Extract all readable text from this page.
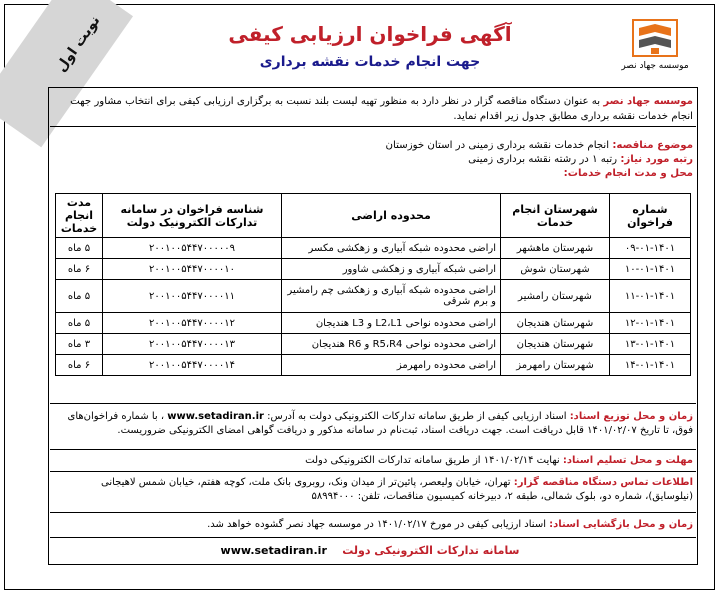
نوبت اول	موسسه جهاد نصر
آگهی فراخوان ارزیابی کیفی
جهت انجام خدمات نقشه برداری
موسسه جهاد نصر به عنوان دستگاه مناقصه گزار در نظر دارد به منظور تهیه لیست بلند نسبت به برگزاری ارزیابی کیفی برای انتخاب مشاور جهت انجام خدمات نقشه برداری مطابق جدول زیر اقدام نماید.
موضوع مناقصه: انجام خدمات نقشه برداری زمینی در استان خوزستان
رتبه مورد نیاز: رتبه ۱ در رشته نقشه برداری زمینی
محل و مدت انجام خدمات:
شماره فراخوان	شهرستان انجام خدمات	محدوده اراضی	شناسه فراخوان در سامانه تدارکات الکترونیک دولت	مدت انجام خدمات
۰۹-۰۱-۱۴۰۱	شهرستان ماهشهر	اراضی محدوده شبکه آبیاری و زهکشی مکسر	۲۰۰۱۰۰۵۴۴۷۰۰۰۰۰۹	۵ ماه
۱۰-۰۱-۱۴۰۱	شهرستان شوش	اراضی شبکه آبیاری و زهکشی شاوور	۲۰۰۱۰۰۵۴۴۷۰۰۰۰۱۰	۶ ماه
۱۱-۰۱-۱۴۰۱	شهرستان رامشیر	اراضی محدوده شبکه آبیاری و زهکشی چم رامشیر و برم شرقی	۲۰۰۱۰۰۵۴۴۷۰۰۰۰۱۱	۵ ماه
۱۲-۰۱-۱۴۰۱	شهرستان هندیجان	اراضی محدوده نواحی L2،L1 و L3 هندیجان	۲۰۰۱۰۰۵۴۴۷۰۰۰۰۱۲	۵ ماه
۱۳-۰۱-۱۴۰۱	شهرستان هندیجان	اراضی محدوده نواحی R5،R4 و R6 هندیجان	۲۰۰۱۰۰۵۴۴۷۰۰۰۰۱۳	۳ ماه
۱۴-۰۱-۱۴۰۱	شهرستان رامهرمز	اراضی محدوده رامهرمز	۲۰۰۱۰۰۵۴۴۷۰۰۰۰۱۴	۶ ماه
زمان و محل توزیع اسناد: اسناد ارزیابی کیفی از طریق سامانه تدارکات الکترونیکی دولت به آدرس: www.setadiran.ir ، با شماره فراخوان‌های فوق، تا تاریخ ۱۴۰۱/۰۲/۰۷ قابل دریافت است. جهت دریافت اسناد، ثبت‌نام در سامانه مذکور و دریافت گواهی امضای الکترونیکی ضروریست.
مهلت و محل تسلیم اسناد: نهایت ۱۴۰۱/۰۲/۱۴ از طریق سامانه تدارکات الکترونیکی دولت
اطلاعات تماس دستگاه مناقصه گزار: تهران، خیابان ولیعصر، پائین‌تر از میدان ونک، روبروی بانک ملت، کوچه هفتم، خیابان شمس لاهیجانی (نیلوسایق)، شماره دو، بلوک شمالی، طبقه ۲، دبیرخانه کمیسیون مناقصات، تلفن: ۵۸۹۹۴۰۰۰
زمان و محل بازگشایی اسناد: اسناد ارزیابی کیفی در مورخ ۱۴۰۱/۰۲/۱۷ در موسسه جهاد نصر گشوده خواهد شد.
سامانه تدارکات الکترونیکی دولت    www.setadiran.ir
